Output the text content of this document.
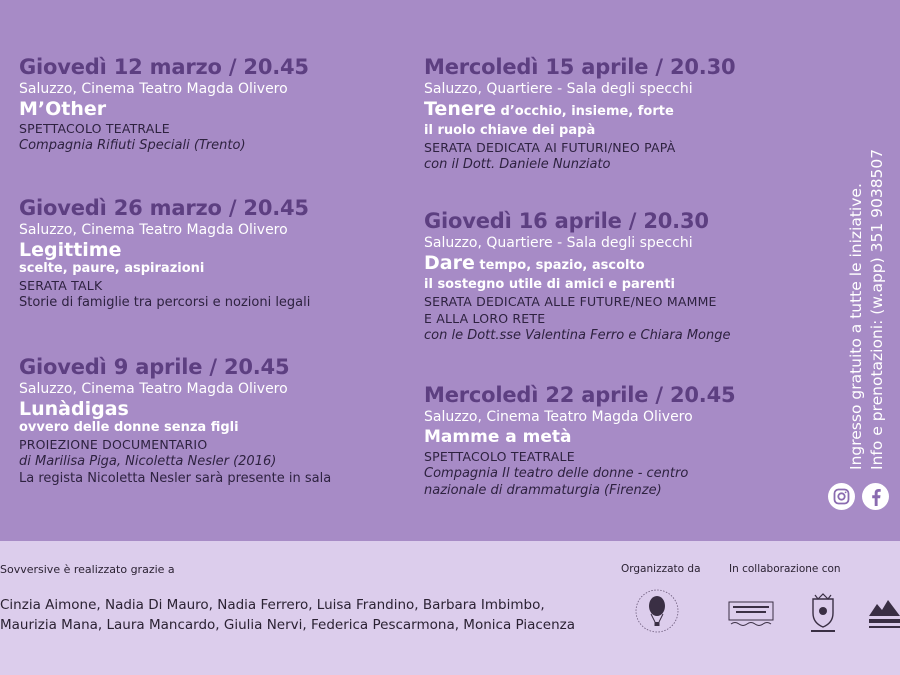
Giovedì 12 marzo / 20.45
Saluzzo, Cinema Teatro Magda Olivero
M’Other
SPETTACOLO TEATRALE
Compagnia Rifiuti Speciali (Trento)
Giovedì 26 marzo / 20.45
Saluzzo, Cinema Teatro Magda Olivero
Legittime
scelte, paure, aspirazioni
SERATA TALK
Storie di famiglie tra percorsi e nozioni legali
Giovedì 9 aprile / 20.45
Saluzzo, Cinema Teatro Magda Olivero
Lunàdigas
ovvero delle donne senza figli
PROIEZIONE DOCUMENTARIO
di Marilisa Piga, Nicoletta Nesler (2016)
La regista Nicoletta Nesler sarà presente in sala
Mercoledì 15 aprile / 20.30
Saluzzo, Quartiere - Sala degli specchi
Tenere d’occhio, insieme, forte
il ruolo chiave dei papà
SERATA DEDICATA AI FUTURI/NEO PAPÀ
con il Dott. Daniele Nunziato
Giovedì 16 aprile / 20.30
Saluzzo, Quartiere - Sala degli specchi
Dare tempo, spazio, ascolto
il sostegno utile di amici e parenti
SERATA DEDICATA ALLE FUTURE/NEO MAMME
E ALLA LORO RETE
con le Dott.sse Valentina Ferro e Chiara Monge
Mercoledì 22 aprile / 20.45
Saluzzo, Cinema Teatro Magda Olivero
Mamme a metà
SPETTACOLO TEATRALE
Compagnia Il teatro delle donne - centro
nazionale di drammaturgia (Firenze)
Ingresso gratuito a tutte le iniziative. Info e prenotazioni: (w.app) 351 9038507
Sovversive è realizzato grazie a
Cinzia Aimone, Nadia Di Mauro, Nadia Ferrero, Luisa Frandino, Barbara Imbimbo,
Maurizia Mana, Laura Mancardo, Giulia Nervi, Federica Pescarmona, Monica Piacenza
Organizzato da	In collaborazione con
